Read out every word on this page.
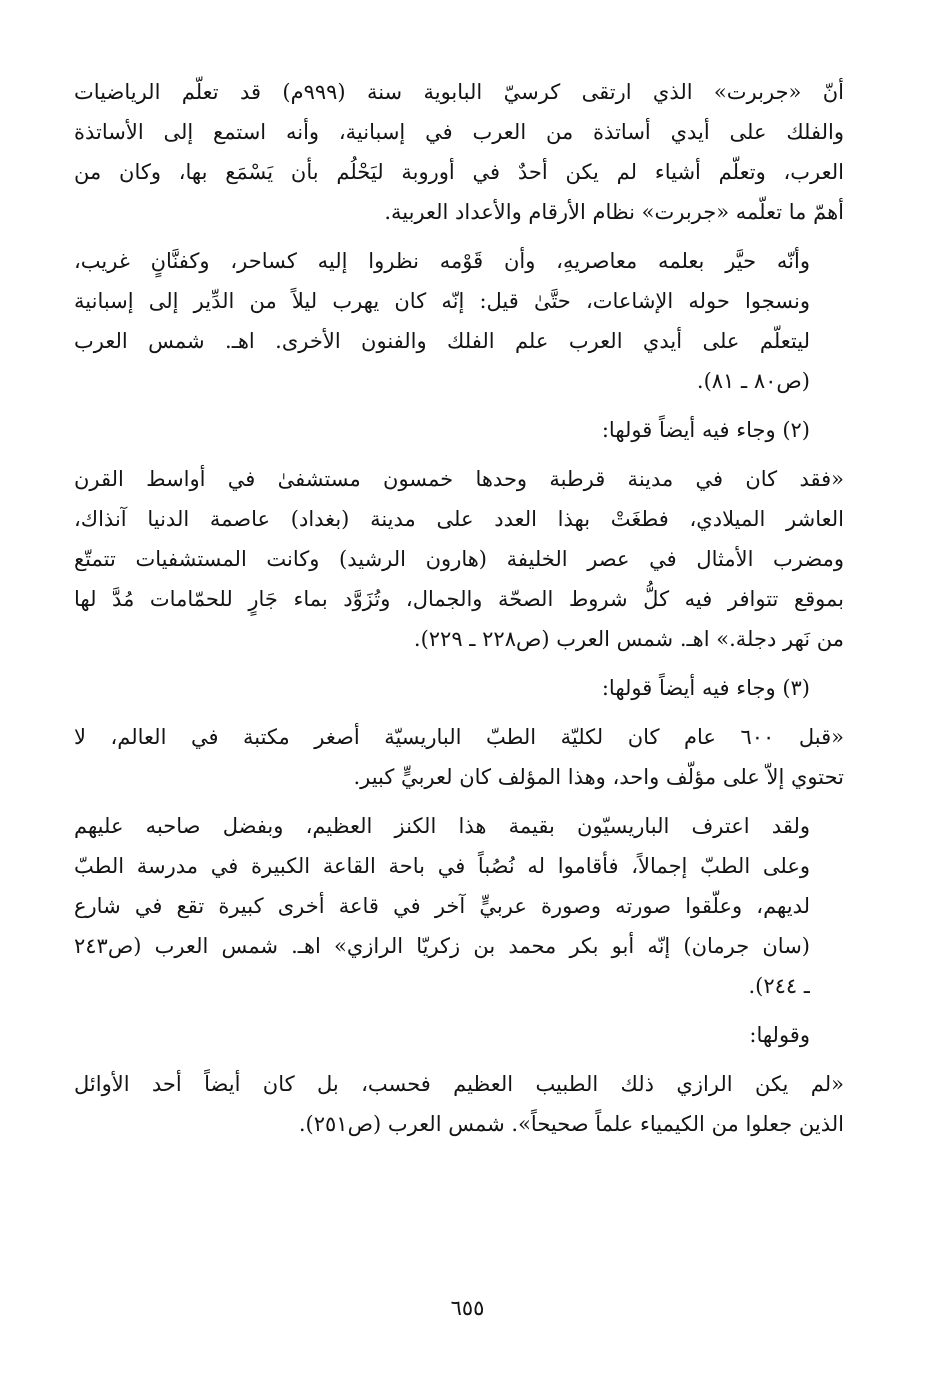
أنّ «جربرت» الذي ارتقى كرسيّ البابوية سنة (٩٩٩م) قد تعلّم الرياضيات
والفلك على أيدي أساتذة من العرب في إسبانية، وأنه استمع إلى الأساتذة
العرب، وتعلّم أشياء لم يكن أحدٌ في أوروبة ليَحْلُم بأن يَسْمَع بها، وكان من
أهمّ ما تعلّمه «جربرت» نظام الأرقام والأعداد العربية.
وأنّه حيَّر بعلمه معاصريهِ، وأن قَوْمه نظروا إليه كساحر، وكفنَّانٍ غريب،
ونسجوا حوله الإشاعات، حتَّىٰ قيل: إنّه كان يهرب ليلاً من الدِّير إلى إسبانية
ليتعلّم على أيدي العرب علم الفلك والفنون الأخرى. اهـ. شمس العرب
(ص٨٠ ـ ٨١).
(٢) وجاء فيه أيضاً قولها:
«فقد كان في مدينة قرطبة وحدها خمسون مستشفىٰ في أواسط القرن
العاشر الميلادي، فطغَتْ بهذا العدد على مدينة (بغداد) عاصمة الدنيا آنذاك،
ومضرب الأمثال في عصر الخليفة (هارون الرشيد) وكانت المستشفيات تتمتّع
بموقع تتوافر فيه كلُّ شروط الصحّة والجمال، وتُزَوَّد بماء جَارٍ للحمّامات مُدَّ لها
من نَهر دجلة.» اهـ. شمس العرب (ص٢٢٨ ـ ٢٢٩).
(٣) وجاء فيه أيضاً قولها:
«قبل ٦٠٠ عام كان لكليّة الطبّ الباريسيّة أصغر مكتبة في العالم، لا
تحتوي إلاّ على مؤلّف واحد، وهذا المؤلف كان لعربيٍّ كبير.
ولقد اعترف الباريسيّون بقيمة هذا الكنز العظيم، وبفضل صاحبه عليهم
وعلى الطبّ إجمالاً، فأقاموا له نُصُباً في باحة القاعة الكبيرة في مدرسة الطبّ
لديهم، وعلّقوا صورته وصورة عربيٍّ آخر في قاعة أخرى كبيرة تقع في شارع
(سان جرمان) إنّه أبو بكر محمد بن زكريّا الرازي» اهـ. شمس العرب (ص٢٤٣
ـ ٢٤٤).
وقولها:
«لم يكن الرازي ذلك الطبيب العظيم فحسب، بل كان أيضاً أحد الأوائل
الذين جعلوا من الكيمياء علماً صحيحاً». شمس العرب (ص٢٥١).
٦٥٥
